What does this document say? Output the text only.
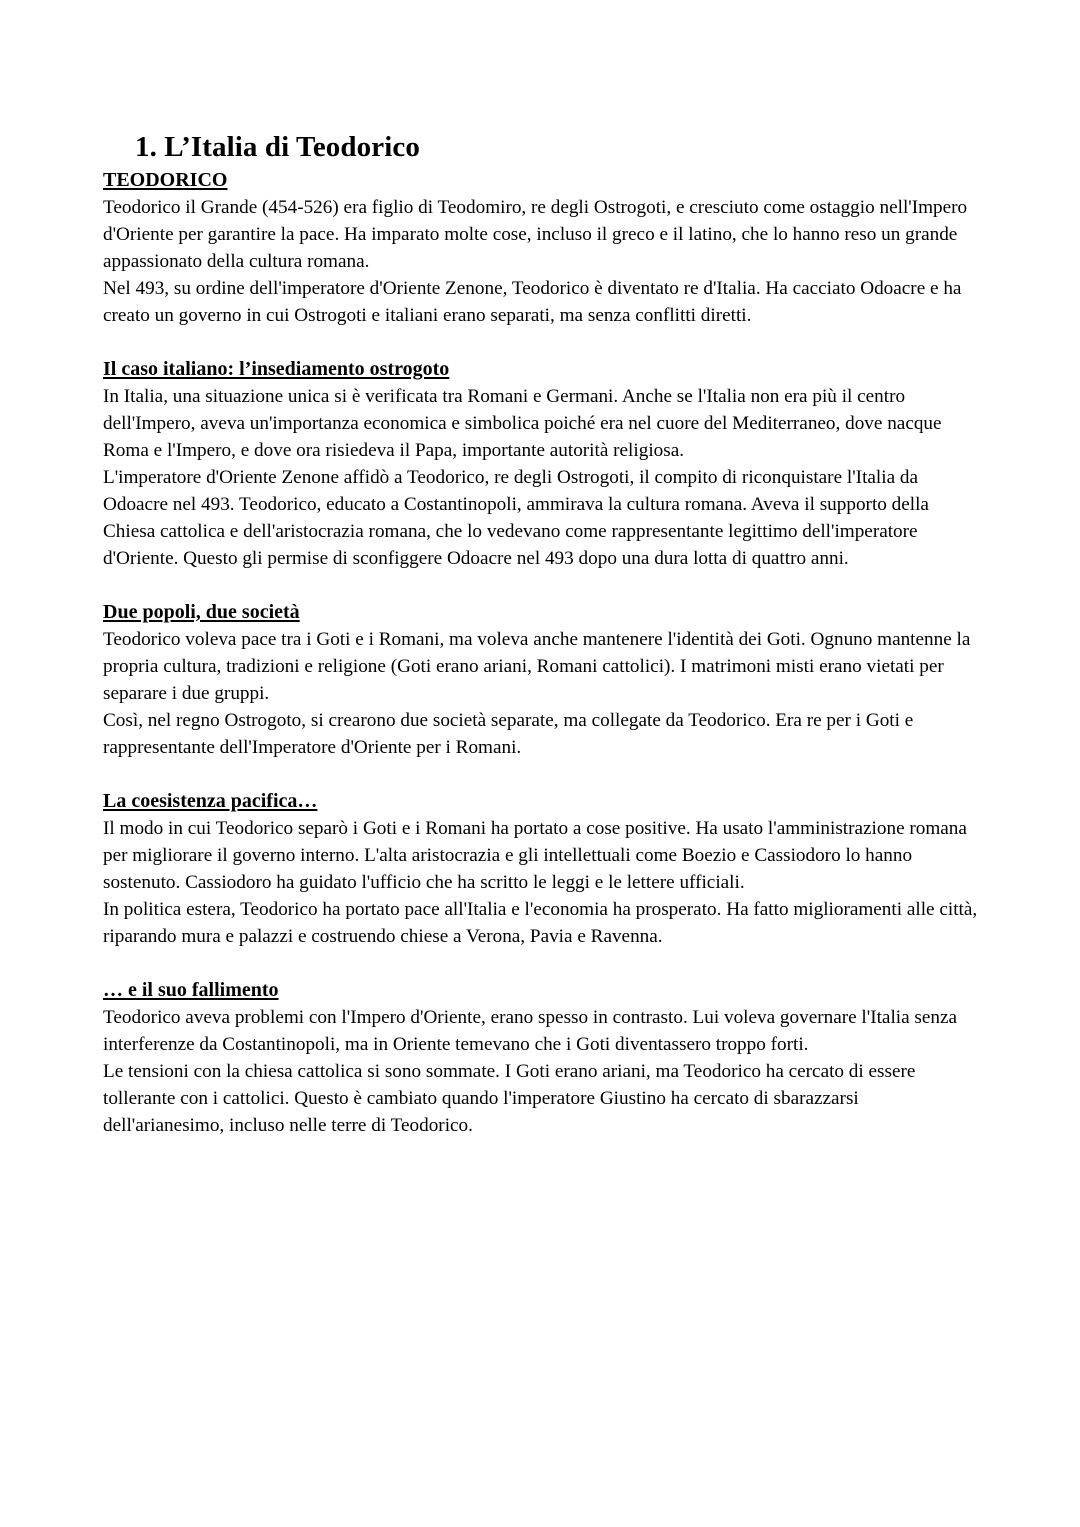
1. L’Italia di Teodorico
TEODORICO

Teodorico il Grande (454-526) era figlio di Teodomiro, re degli Ostrogoti, e cresciuto come ostaggio nell'Impero d'Oriente per garantire la pace. Ha imparato molte cose, incluso il greco e il latino, che lo hanno reso un grande appassionato della cultura romana.

Nel 493, su ordine dell'imperatore d'Oriente Zenone, Teodorico è diventato re d'Italia. Ha cacciato Odoacre e ha creato un governo in cui Ostrogoti e italiani erano separati, ma senza conflitti diretti.

Il caso italiano: l’insediamento ostrogoto

In Italia, una situazione unica si è verificata tra Romani e Germani. Anche se l'Italia non era più il centro dell'Impero, aveva un'importanza economica e simbolica poiché era nel cuore del Mediterraneo, dove nacque Roma e l'Impero, e dove ora risiedeva il Papa, importante autorità religiosa.

L'imperatore d'Oriente Zenone affidò a Teodorico, re degli Ostrogoti, il compito di riconquistare l'Italia da Odoacre nel 493. Teodorico, educato a Costantinopoli, ammirava la cultura romana. Aveva il supporto della Chiesa cattolica e dell'aristocrazia romana, che lo vedevano come rappresentante legittimo dell'imperatore d'Oriente. Questo gli permise di sconfiggere Odoacre nel 493 dopo una dura lotta di quattro anni.

Due popoli, due società

Teodorico voleva pace tra i Goti e i Romani, ma voleva anche mantenere l'identità dei Goti. Ognuno mantenne la propria cultura, tradizioni e religione (Goti erano ariani, Romani cattolici). I matrimoni misti erano vietati per separare i due gruppi.

Così, nel regno Ostrogoto, si crearono due società separate, ma collegate da Teodorico. Era re per i Goti e rappresentante dell'Imperatore d'Oriente per i Romani.

La coesistenza pacifica…

Il modo in cui Teodorico separò i Goti e i Romani ha portato a cose positive. Ha usato l'amministrazione romana per migliorare il governo interno. L'alta aristocrazia e gli intellettuali come Boezio e Cassiodoro lo hanno sostenuto. Cassiodoro ha guidato l'ufficio che ha scritto le leggi e le lettere ufficiali.

In politica estera, Teodorico ha portato pace all'Italia e l'economia ha prosperato. Ha fatto miglioramenti alle città, riparando mura e palazzi e costruendo chiese a Verona, Pavia e Ravenna.

… e il suo fallimento

Teodorico aveva problemi con l'Impero d'Oriente, erano spesso in contrasto. Lui voleva governare l'Italia senza interferenze da Costantinopoli, ma in Oriente temevano che i Goti diventassero troppo forti.

Le tensioni con la chiesa cattolica si sono sommate. I Goti erano ariani, ma Teodorico ha cercato di essere tollerante con i cattolici. Questo è cambiato quando l'imperatore Giustino ha cercato di sbarazzarsi dell'arianesimo, incluso nelle terre di Teodorico.
